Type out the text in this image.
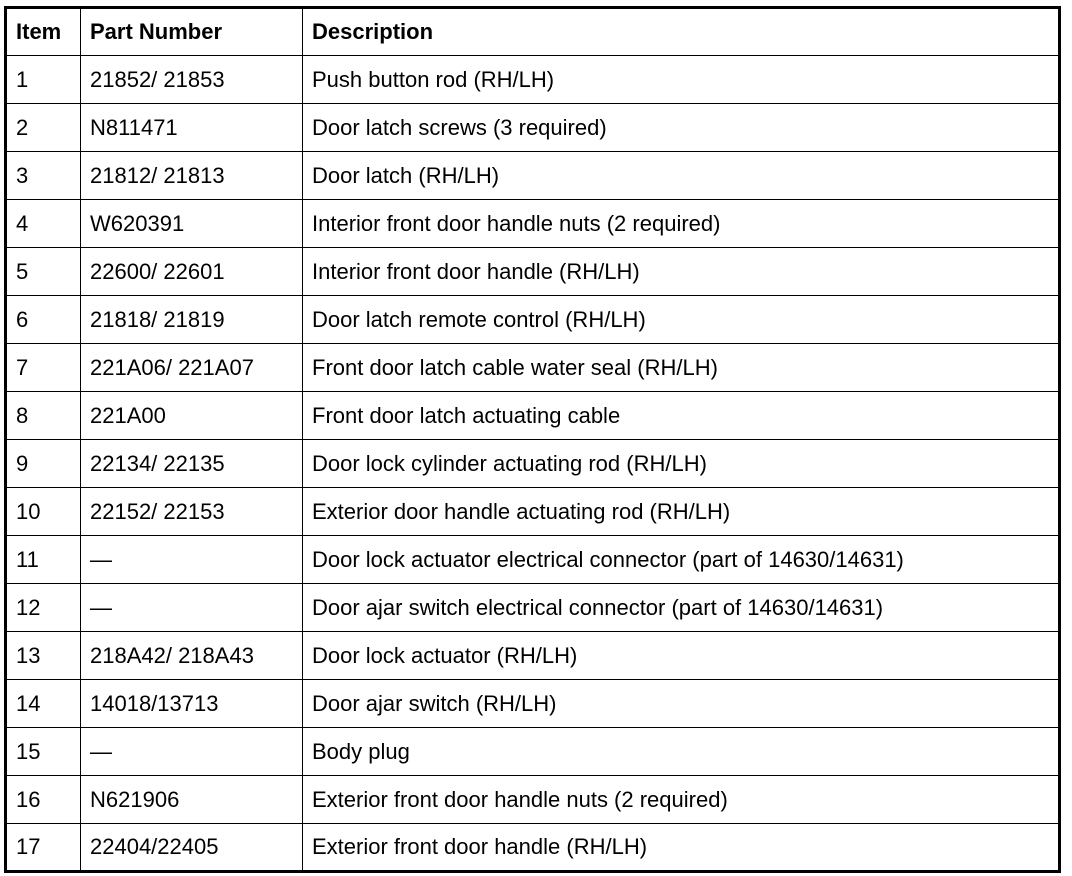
Item	Part Number	Description
1	21852/ 21853	Push button rod (RH/LH)
2	N811471	Door latch screws (3 required)
3	21812/ 21813	Door latch (RH/LH)
4	W620391	Interior front door handle nuts (2 required)
5	22600/ 22601	Interior front door handle (RH/LH)
6	21818/ 21819	Door latch remote control (RH/LH)
7	221A06/ 221A07	Front door latch cable water seal (RH/LH)
8	221A00	Front door latch actuating cable
9	22134/ 22135	Door lock cylinder actuating rod (RH/LH)
10	22152/ 22153	Exterior door handle actuating rod (RH/LH)
11	—	Door lock actuator electrical connector (part of 14630/14631)
12	—	Door ajar switch electrical connector (part of 14630/14631)
13	218A42/ 218A43	Door lock actuator (RH/LH)
14	14018/13713	Door ajar switch (RH/LH)
15	—	Body plug
16	N621906	Exterior front door handle nuts (2 required)
17	22404/22405	Exterior front door handle (RH/LH)
